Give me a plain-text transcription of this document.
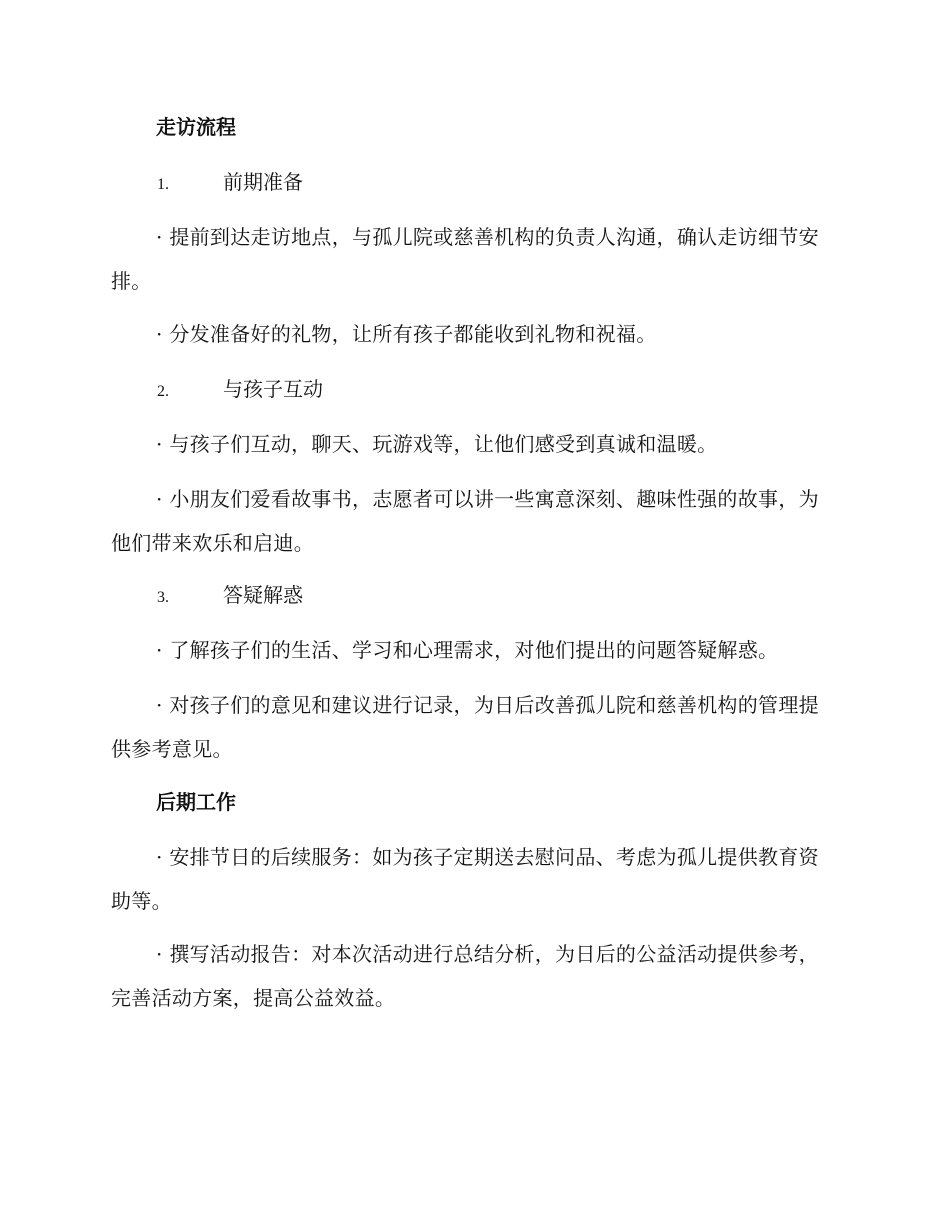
走访流程
1.	前期准备
· 提前到达走访地点，与孤儿院或慈善机构的负责人沟通，确认走访细节安排。
· 分发准备好的礼物，让所有孩子都能收到礼物和祝福。
2.	与孩子互动
· 与孩子们互动，聊天、玩游戏等，让他们感受到真诚和温暖。
· 小朋友们爱看故事书，志愿者可以讲一些寓意深刻、趣味性强的故事，为他们带来欢乐和启迪。
3.	答疑解惑
· 了解孩子们的生活、学习和心理需求，对他们提出的问题答疑解惑。
· 对孩子们的意见和建议进行记录，为日后改善孤儿院和慈善机构的管理提供参考意见。
后期工作
· 安排节日的后续服务：如为孩子定期送去慰问品、考虑为孤儿提供教育资助等。
· 撰写活动报告：对本次活动进行总结分析，为日后的公益活动提供参考，完善活动方案，提高公益效益。
